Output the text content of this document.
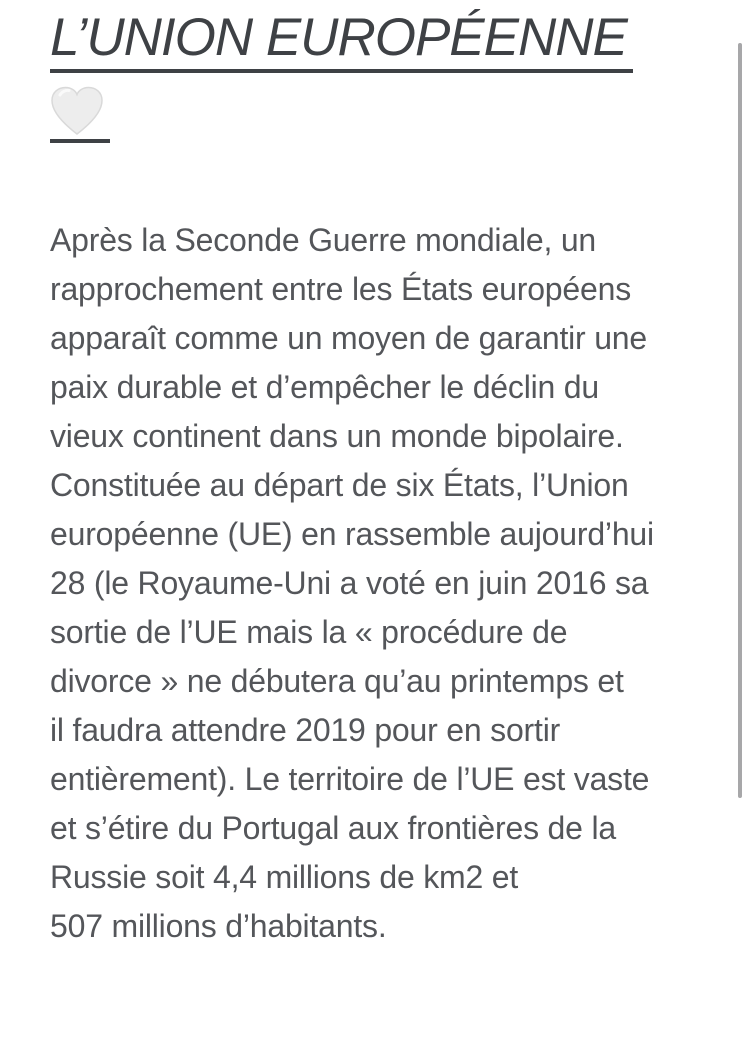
L’UNION EUROPÉENNE
Après la Seconde Guerre mondiale, un
rapprochement entre les États européens
apparaît comme un moyen de garantir une
paix durable et d’empêcher le déclin du
vieux continent dans un monde bipolaire.
Constituée au départ de six États, l’Union
européenne (UE) en rassemble aujourd’hui
28 (le Royaume-Uni a voté en juin 2016 sa
sortie de l’UE mais la « procédure de
divorce » ne débutera qu’au printemps et
il faudra attendre 2019 pour en sortir
entièrement). Le territoire de l’UE est vaste
et s’étire du Portugal aux frontières de la
Russie soit 4,4 millions de km2 et
507 millions d’habitants.
